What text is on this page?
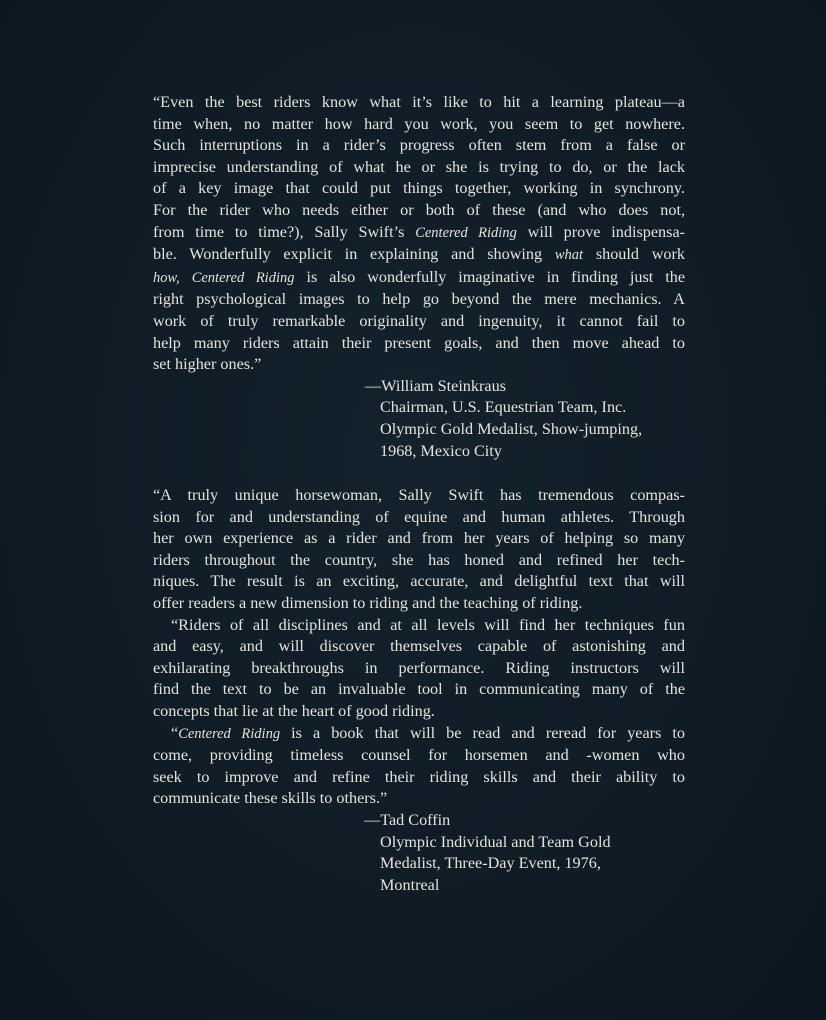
“Even the best riders know what it’s like to hit a learning plateau—a
time when, no matter how hard you work, you seem to get nowhere.
Such interruptions in a rider’s progress often stem from a false or
imprecise understanding of what he or she is trying to do, or the lack
of a key image that could put things together, working in synchrony.
For the rider who needs either or both of these (and who does not,
from time to time?), Sally Swift’s Centered Riding will prove indispensa-
ble. Wonderfully explicit in explaining and showing what should work
how, Centered Riding is also wonderfully imaginative in finding just the
right psychological images to help go beyond the mere mechanics. A
work of truly remarkable originality and ingenuity, it cannot fail to
help many riders attain their present goals, and then move ahead to
set higher ones.”
—William Steinkraus
Chairman, U.S. Equestrian Team, Inc.
Olympic Gold Medalist, Show-jumping,
1968, Mexico City
“A truly unique horsewoman, Sally Swift has tremendous compas-
sion for and understanding of equine and human athletes. Through
her own experience as a rider and from her years of helping so many
riders throughout the country, she has honed and refined her tech-
niques. The result is an exciting, accurate, and delightful text that will
offer readers a new dimension to riding and the teaching of riding.
“Riders of all disciplines and at all levels will find her techniques fun
and easy, and will discover themselves capable of astonishing and
exhilarating breakthroughs in performance. Riding instructors will
find the text to be an invaluable tool in communicating many of the
concepts that lie at the heart of good riding.
“Centered Riding is a book that will be read and reread for years to
come, providing timeless counsel for horsemen and -women who
seek to improve and refine their riding skills and their ability to
communicate these skills to others.”
—Tad Coffin
Olympic Individual and Team Gold
Medalist, Three-Day Event, 1976,
Montreal
